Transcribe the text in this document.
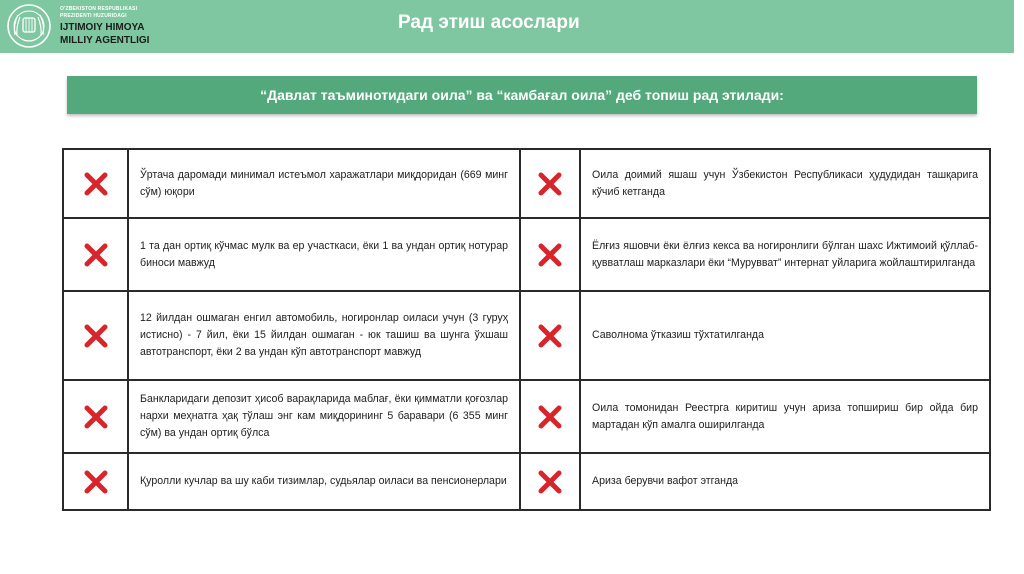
O'ZBEKISTON RESPUBLIKASI
PREZIDENTI HUZURIDAGI
IJTIMOIY HIMOYA
MILLIY AGENTLIGI
Рад этиш асослари
“Давлат таъминотидаги оила” ва “камбағал оила” деб топиш рад этилади:
Ўртача даромади минимал истеъмол харажатлари миқдоридан (669 минг сўм) юқори
Оила доимий яшаш учун Ўзбекистон Республикаси ҳудудидан ташқарига кўчиб кетганда
1 та дан ортиқ кўчмас мулк ва ер участкаси, ёки 1 ва ундан ортиқ нотурар биноси мавжуд
Ёлғиз яшовчи ёки ёлғиз кекса ва ногиронлиги бўлган шахс Ижтимоий қўллаб-қувватлаш марказлари ёки “Мурувват” интернат уйларига жойлаштирилганда
12 йилдан ошмаган енгил автомобиль, ногиронлар оиласи учун (3 гуруҳ истисно) - 7 йил, ёки 15 йилдан ошмаган - юк ташиш ва шунга ўхшаш автотранспорт, ёки 2 ва ундан кўп автотранспорт мавжуд
Саволнома ўтказиш тўхтатилганда
Банкларидаги депозит ҳисоб варақларида маблағ, ёки қимматли қоғозлар нархи меҳнатга ҳақ тўлаш энг кам миқдорининг 5 баравари (6 355 минг сўм) ва ундан ортиқ бўлса
Оила томонидан Реестрга киритиш учун ариза топшириш бир ойда бир мартадан кўп амалга оширилганда
Қуролли кучлар ва шу каби тизимлар, судьялар оиласи ва пенсионерлари	Ариза берувчи вафот этганда
